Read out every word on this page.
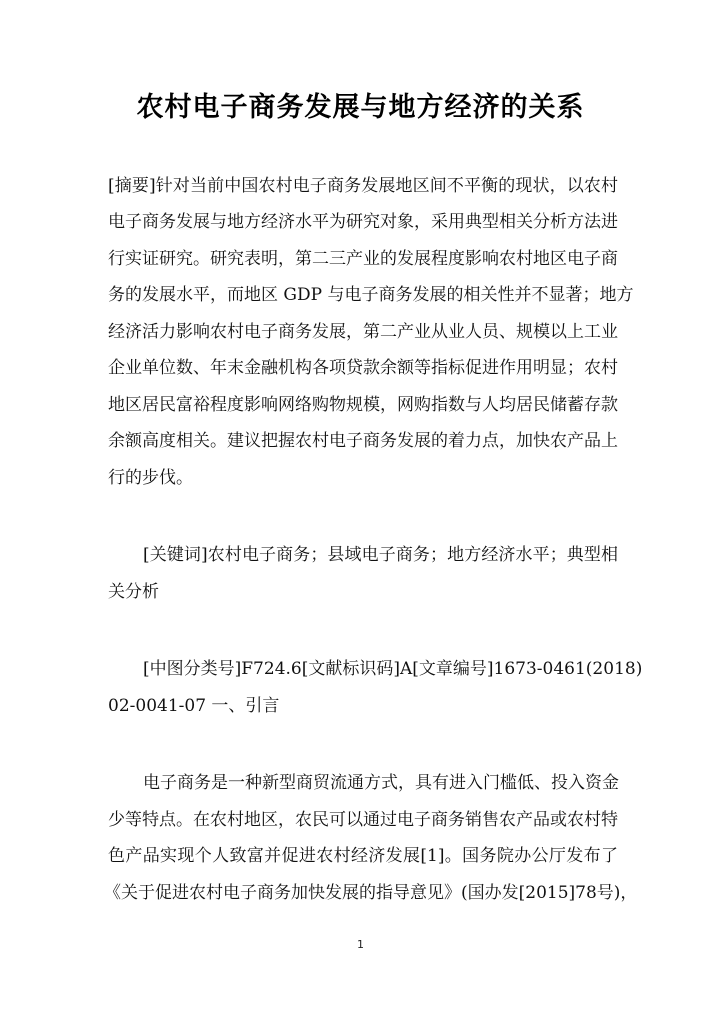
农村电子商务发展与地方经济的关系
[摘要]针对当前中国农村电子商务发展地区间不平衡的现状，以农村
电子商务发展与地方经济水平为研究对象，采用典型相关分析方法进
行实证研究。研究表明，第二三产业的发展程度影响农村地区电子商
务的发展水平，而地区 GDP 与电子商务发展的相关性并不显著；地方
经济活力影响农村电子商务发展，第二产业从业人员、规模以上工业
企业单位数、年末金融机构各项贷款余额等指标促进作用明显；农村
地区居民富裕程度影响网络购物规模，网购指数与人均居民储蓄存款
余额高度相关。建议把握农村电子商务发展的着力点，加快农产品上
行的步伐。
[关键词]农村电子商务；县域电子商务；地方经济水平；典型相
关分析
[中图分类号]F724.6[文献标识码]A[文章编号]1673-0461(2018)
02-0041-07 一、引言
电子商务是一种新型商贸流通方式，具有进入门槛低、投入资金
少等特点。在农村地区，农民可以通过电子商务销售农产品或农村特
色产品实现个人致富并促进农村经济发展[1]。国务院办公厅发布了
《关于促进农村电子商务加快发展的指导意见》(国办发[2015]78号)，
1
